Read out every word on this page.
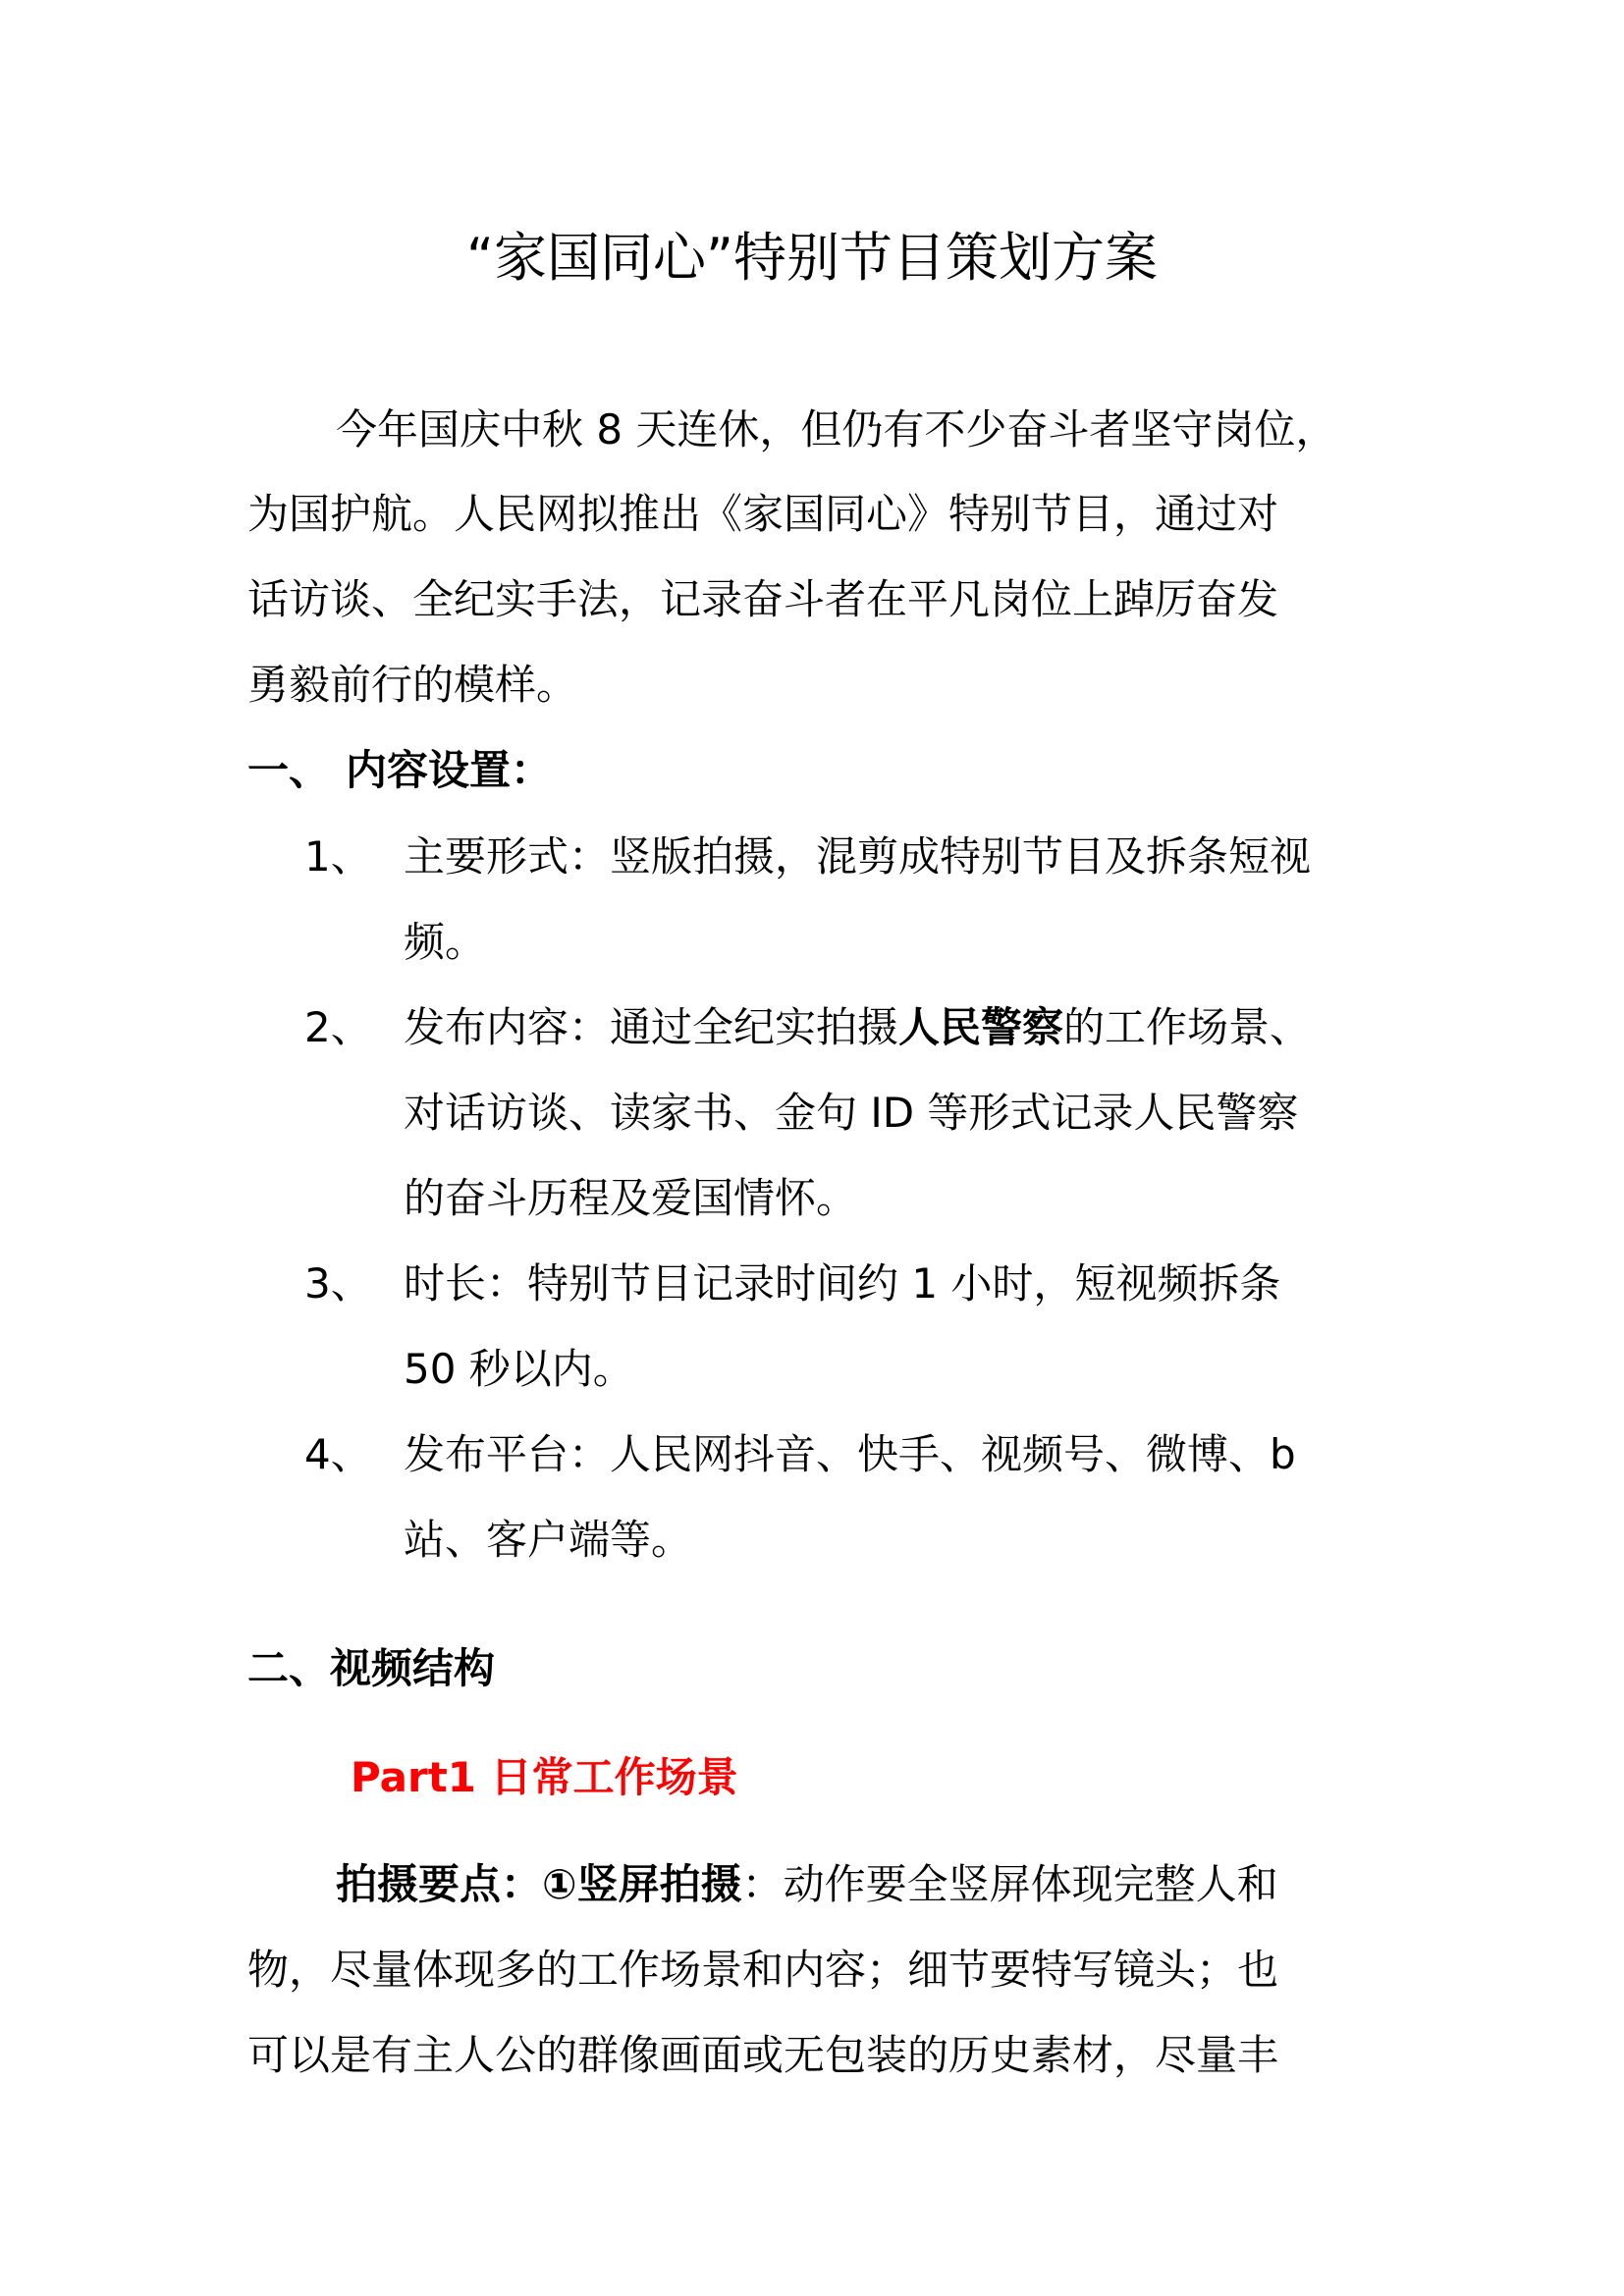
“家国同心”特别节目策划方案
今年国庆中秋 8 天连休，但仍有不少奋斗者坚守岗位，
为国护航。人民网拟推出《家国同心》特别节目，通过对
话访谈、全纪实手法，记录奋斗者在平凡岗位上踔厉奋发
勇毅前行的模样。
一、 内容设置：
1、 主要形式：竖版拍摄，混剪成特别节目及拆条短视
频。
2、 发布内容：通过全纪实拍摄人民警察的工作场景、
对话访谈、读家书、金句 ID 等形式记录人民警察
的奋斗历程及爱国情怀。
3、 时长：特别节目记录时间约 1 小时，短视频拆条
50 秒以内。
4、 发布平台：人民网抖音、快手、视频号、微博、b
站、客户端等。
二、视频结构
Part1 日常工作场景
拍摄要点：①竖屏拍摄：动作要全竖屏体现完整人和
物，尽量体现多的工作场景和内容；细节要特写镜头；也
可以是有主人公的群像画面或无包装的历史素材，尽量丰
